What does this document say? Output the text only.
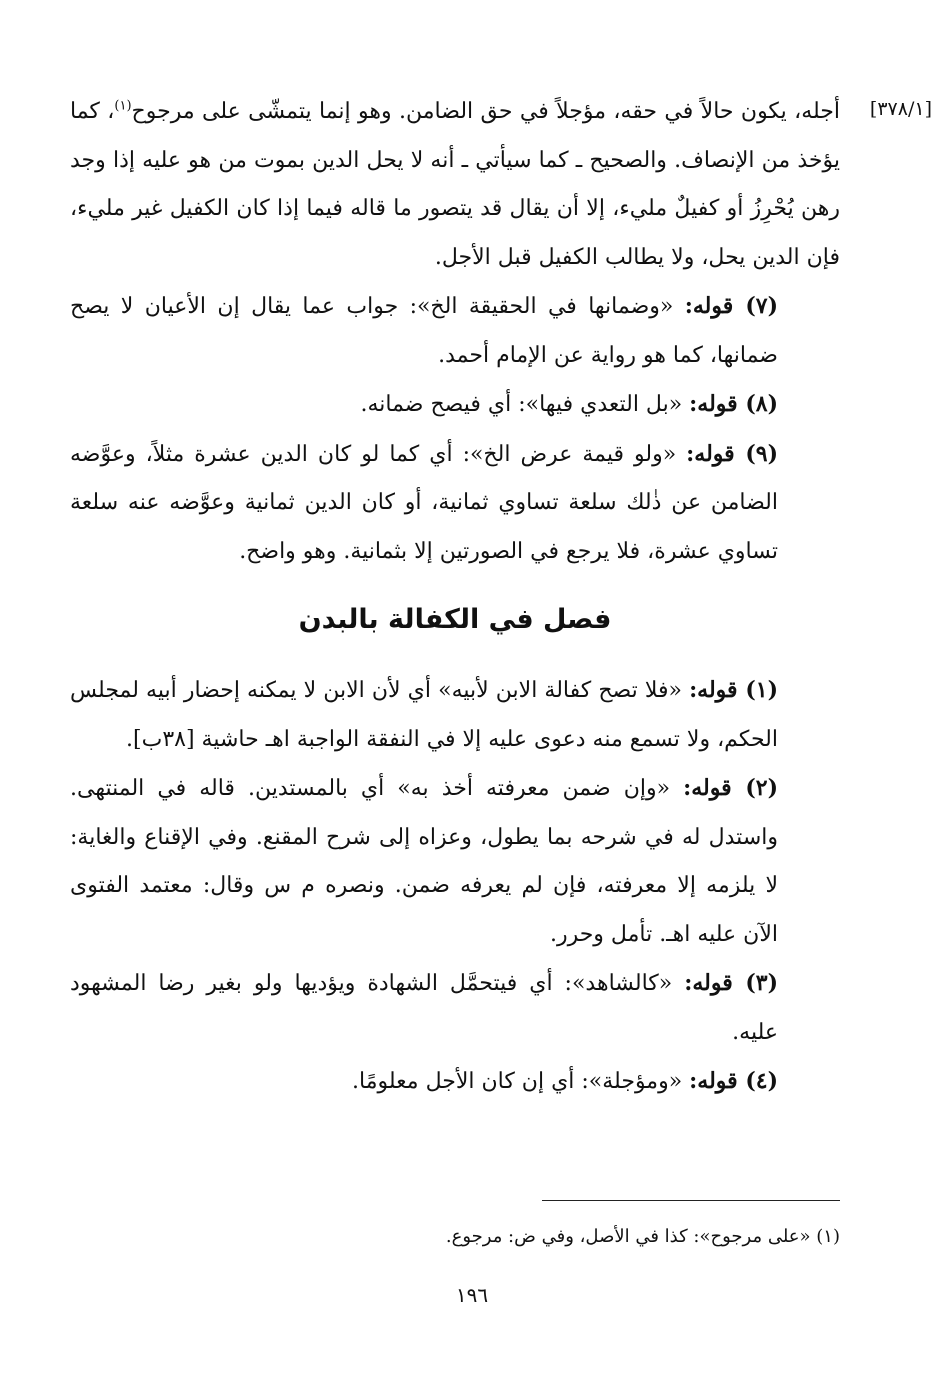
[٣٧٨/١]

أجله، يكون حالاً في حقه، مؤجلاً في حق الضامن. وهو إنما يتمشّى على مرجوح$^{(١)}$، كما يؤخذ من الإنصاف. والصحيح ـ كما سيأتي ـ أنه لا يحل الدين بموت من هو عليه إذا وجد رهن يُحْرِزُ أو كفيلٌ مليء، إلا أن يقال قد يتصور ما قاله فيما إذا كان الكفيل غير مليء، فإن الدين يحل، ولا يطالب الكفيل قبل الأجل.

(٧) قوله: «وضمانها في الحقيقة الخ»: جواب عما يقال إن الأعيان لا يصح ضمانها، كما هو رواية عن الإمام أحمد.

(٨) قوله: «بل التعدي فيها»: أي فيصح ضمانه.

(٩) قوله: «ولو قيمة عرض الخ»: أي كما لو كان الدين عشرة مثلاً، وعوَّضه الضامن عن ذٰلك سلعة تساوي ثمانية، أو كان الدين ثمانية وعوَّضه عنه سلعة تساوي عشرة، فلا يرجع في الصورتين إلا بثمانية. وهو واضح.

فصل في الكفالة بالبدن

(١) قوله: «فلا تصح كفالة الابن لأبيه» أي لأن الابن لا يمكنه إحضار أبيه لمجلس الحكم، ولا تسمع منه دعوى عليه إلا في النفقة الواجبة اهـ حاشية [٣٨ب].

(٢) قوله: «وإن ضمن معرفته أخذ به» أي بالمستدين. قاله في المنتهى. واستدل له في شرحه بما يطول، وعزاه إلى شرح المقنع. وفي الإقناع والغاية: لا يلزمه إلا معرفته، فإن لم يعرفه ضمن. ونصره م س وقال: معتمد الفتوى الآن عليه اهـ. تأمل وحرر.

(٣) قوله: «كالشاهد»: أي فيتحمَّل الشهادة ويؤديها ولو بغير رضا المشهود عليه.

(٤) قوله: «ومؤجلة»: أي إن كان الأجل معلومًا.

(١) «على مرجوح»: كذا في الأصل، وفي ض: مرجوع.
١٩٦
